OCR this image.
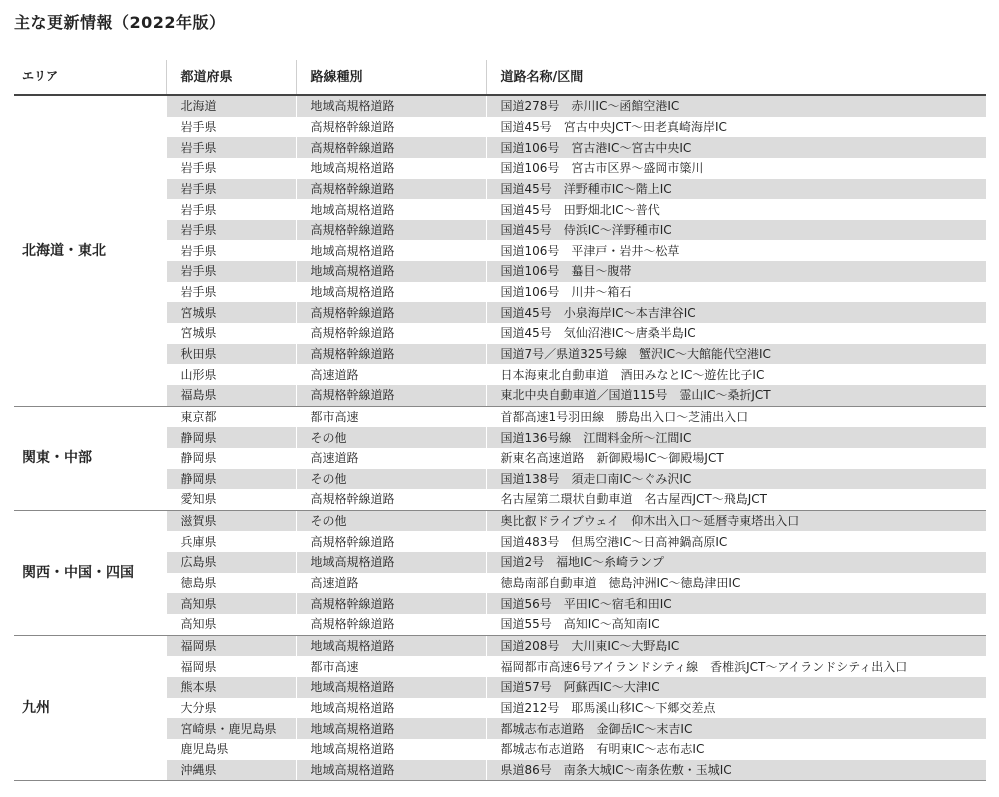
主な更新情報（2022年版）
エリア	都道府県	路線種別	道路名称/区間
北海道・東北	北海道	地域高規格道路	国道278号　赤川IC～函館空港IC
	岩手県	高規格幹線道路	国道45号　宮古中央JCT～田老真崎海岸IC
	岩手県	高規格幹線道路	国道106号　宮古港IC～宮古中央IC
	岩手県	地域高規格道路	国道106号　宮古市区界～盛岡市簗川
	岩手県	高規格幹線道路	国道45号　洋野種市IC～階上IC
	岩手県	地域高規格道路	国道45号　田野畑北IC～普代
	岩手県	高規格幹線道路	国道45号　侍浜IC～洋野種市IC
	岩手県	地域高規格道路	国道106号　平津戸・岩井～松草
	岩手県	地域高規格道路	国道106号　蟇目～腹帯
	岩手県	地域高規格道路	国道106号　川井～箱石
	宮城県	高規格幹線道路	国道45号　小泉海岸IC～本吉津谷IC
	宮城県	高規格幹線道路	国道45号　気仙沼港IC～唐桑半島IC
	秋田県	高規格幹線道路	国道7号／県道325号線　蟹沢IC～大館能代空港IC
	山形県	高速道路	日本海東北自動車道　酒田みなとIC～遊佐比子IC
	福島県	高規格幹線道路	東北中央自動車道／国道115号　霊山IC～桑折JCT
関東・中部	東京都	都市高速	首都高速1号羽田線　勝島出入口～芝浦出入口
	静岡県	その他	国道136号線　江間料金所～江間IC
	静岡県	高速道路	新東名高速道路　新御殿場IC～御殿場JCT
	静岡県	その他	国道138号　須走口南IC～ぐみ沢IC
	愛知県	高規格幹線道路	名古屋第二環状自動車道　名古屋西JCT～飛島JCT
関西・中国・四国	滋賀県	その他	奥比叡ドライブウェイ　仰木出入口～延暦寺東塔出入口
	兵庫県	高規格幹線道路	国道483号　但馬空港IC～日高神鍋高原IC
	広島県	地域高規格道路	国道2号　福地IC～糸崎ランプ
	徳島県	高速道路	徳島南部自動車道　徳島沖洲IC～徳島津田IC
	高知県	高規格幹線道路	国道56号　平田IC～宿毛和田IC
	高知県	高規格幹線道路	国道55号　高知IC～高知南IC
九州	福岡県	地域高規格道路	国道208号　大川東IC～大野島IC
	福岡県	都市高速	福岡都市高速6号アイランドシティ線　香椎浜JCT～アイランドシティ出入口
	熊本県	地域高規格道路	国道57号　阿蘇西IC～大津IC
	大分県	地域高規格道路	国道212号　耶馬溪山移IC～下郷交差点
	宮崎県・鹿児島県	地域高規格道路	都城志布志道路　金御岳IC～末吉IC
	鹿児島県	地域高規格道路	都城志布志道路　有明東IC～志布志IC
	沖縄県	地域高規格道路	県道86号　南条大城IC～南条佐敷・玉城IC
